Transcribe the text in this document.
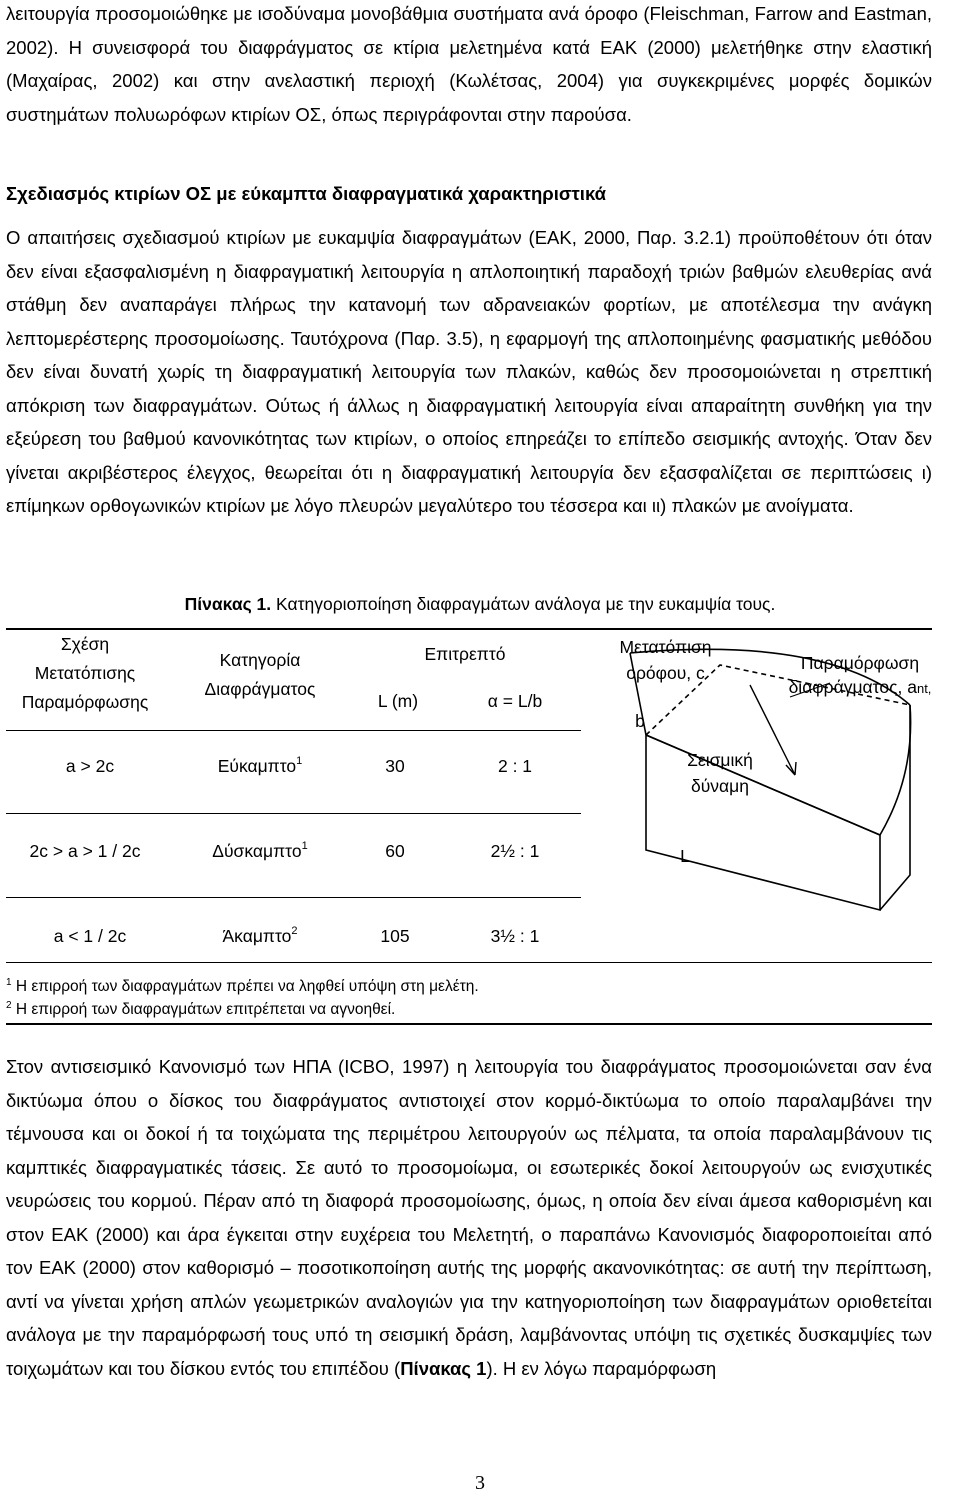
λειτουργία προσομοιώθηκε με ισοδύναμα μονοβάθμια συστήματα ανά όροφο (Fleischman, Farrow and Eastman, 2002). Η συνεισφορά του διαφράγματος σε κτίρια μελετημένα κατά ΕΑΚ (2000) μελετήθηκε στην ελαστική (Μαχαίρας, 2002) και στην ανελαστική περιοχή (Κωλέτσας, 2004) για συγκεκριμένες μορφές δομικών συστημάτων πολυωρόφων κτιρίων ΟΣ, όπως περιγράφονται στην παρούσα.

Σχεδιασμός κτιρίων ΟΣ με εύκαμπτα διαφραγματικά χαρακτηριστικά

Ο απαιτήσεις σχεδιασμού κτιρίων με ευκαμψία διαφραγμάτων (ΕΑΚ, 2000, Παρ. 3.2.1) προϋποθέτουν ότι όταν δεν είναι εξασφαλισμένη η διαφραγματική λειτουργία η απλοποιητική παραδοχή τριών βαθμών ελευθερίας ανά στάθμη δεν αναπαράγει πλήρως την κατανομή των αδρανειακών φορτίων, με αποτέλεσμα την ανάγκη λεπτομερέστερης προσομοίωσης. Ταυτόχρονα (Παρ. 3.5), η εφαρμογή της απλοποιημένης φασματικής μεθόδου δεν είναι δυνατή χωρίς τη διαφραγματική λειτουργία των πλακών, καθώς δεν προσομοιώνεται η στρεπτική απόκριση των διαφραγμάτων. Ούτως ή άλλως η διαφραγματική λειτουργία είναι απαραίτητη συνθήκη για την εξεύρεση του βαθμού κανονικότητας των κτιρίων, ο οποίος επηρεάζει το επίπεδο σεισμικής αντοχής. Όταν δεν γίνεται ακριβέστερος έλεγχος, θεωρείται ότι η διαφραγματική λειτουργία δεν εξασφαλίζεται σε περιπτώσεις ι) επίμηκων ορθογωνικών κτιρίων με λόγο πλευρών μεγαλύτερο του τέσσερα και ιι) πλακών με ανοίγματα.

Πίνακας 1. Κατηγοριοποίηση διαφραγμάτων ανάλογα με την ευκαμψία τους.
Σχέση
Μετατόπισης
Παραμόρφωσης
Κατηγορία
Διαφράγματος
Επιτρεπτό
L (m)	α = L/b
a > 2c	Εύκαμπτο$^1$	30	2 : 1
2c > a > 1 / 2c	Δύσκαμπτο$^1$	60	2½ : 1
a < 1 / 2c	Άκαμπτο$^2$	105	3½ : 1
$^1$ Η επιρροή των διαφραγμάτων πρέπει να ληφθεί υπόψη στη μελέτη.
$^2$ Η επιρροή των διαφραγμάτων επιτρέπεται να αγνοηθεί.
Μετατόπιση
ορόφου, c	Παραμόρφωση
διαφράγματος, ant,
b
Σεισμική
δύναμη
L

Στον αντισεισμικό Κανονισμό των ΗΠΑ (ICBO, 1997) η λειτουργία του διαφράγματος προσομοιώνεται σαν ένα δικτύωμα όπου ο δίσκος του διαφράγματος αντιστοιχεί στον κορμό-δικτύωμα το οποίο παραλαμβάνει την τέμνουσα και οι δοκοί ή τα τοιχώματα της περιμέτρου λειτουργούν ως πέλματα, τα οποία παραλαμβάνουν τις καμπτικές διαφραγματικές τάσεις. Σε αυτό το προσομοίωμα, οι εσωτερικές δοκοί λειτουργούν ως ενισχυτικές νευρώσεις του κορμού. Πέραν από τη διαφορά προσομοίωσης, όμως, η οποία δεν είναι άμεσα καθορισμένη και στον ΕΑΚ (2000) και άρα έγκειται στην ευχέρεια του Μελετητή, ο παραπάνω Κανονισμός διαφοροποιείται από τον ΕΑΚ (2000) στον καθορισμό – ποσοτικοποίηση αυτής της μορφής ακανονικότητας: σε αυτή την περίπτωση, αντί να γίνεται χρήση απλών γεωμετρικών αναλογιών για την κατηγοριοποίηση των διαφραγμάτων οριοθετείται ανάλογα με την παραμόρφωσή τους υπό τη σεισμική δράση, λαμβάνοντας υπόψη τις σχετικές δυσκαμψίες των τοιχωμάτων και του δίσκου εντός του επιπέδου (Πίνακας 1). Η εν λόγω παραμόρφωση

3
